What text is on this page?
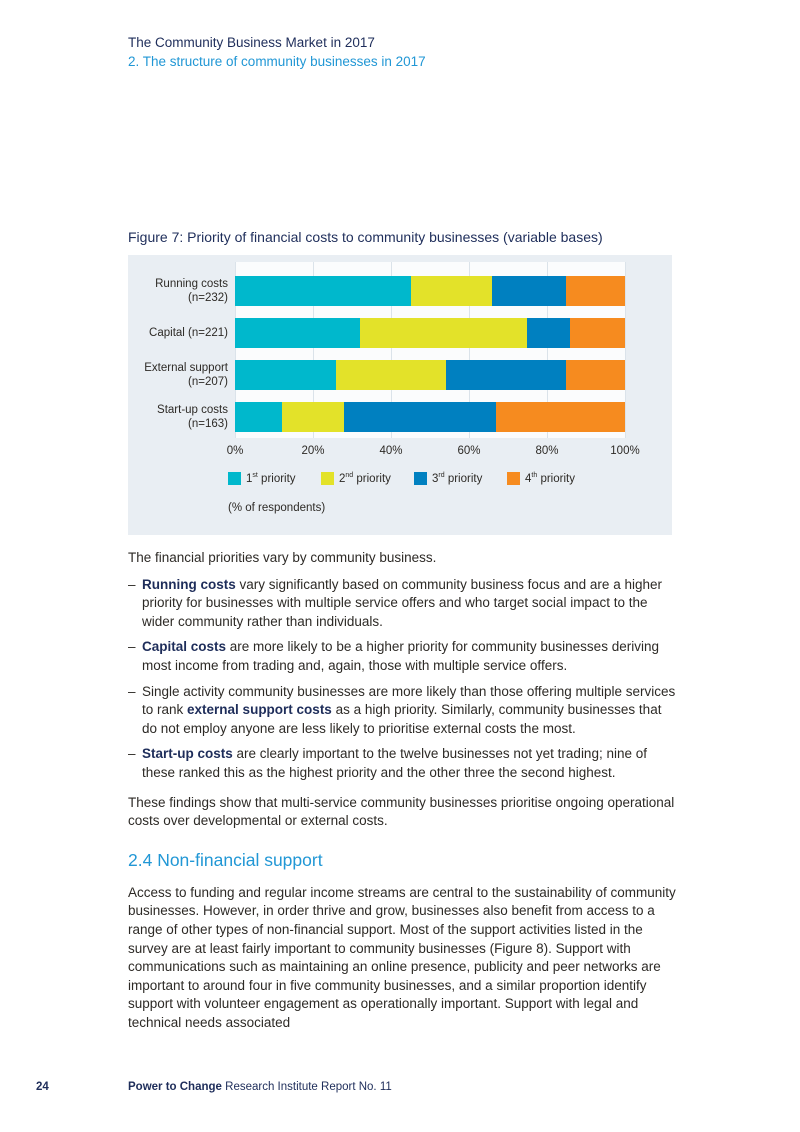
The Community Business Market in 2017
2. The structure of community businesses in 2017
Figure 7: Priority of financial costs to community businesses (variable bases)
Running costs
(n=232)
Capital (n=221)
External support
(n=207)
Start-up costs
(n=163)
0%	20%	40%	60%	80%	100%
1st priority	2nd priority	3rd priority	4th priority
(% of respondents)

The financial priorities vary by community business.

– Running costs vary significantly based on community business focus and are a higher priority for businesses with multiple service offers and who target social impact to the wider community rather than individuals.
– Capital costs are more likely to be a higher priority for community businesses deriving most income from trading and, again, those with multiple service offers.
– Single activity community businesses are more likely than those offering multiple services to rank external support costs as a high priority. Similarly, community businesses that do not employ anyone are less likely to prioritise external costs the most.
– Start-up costs are clearly important to the twelve businesses not yet trading; nine of these ranked this as the highest priority and the other three the second highest.

These findings show that multi-service community businesses prioritise ongoing operational costs over developmental or external costs.

2.4 Non-financial support

Access to funding and regular income streams are central to the sustainability of community businesses. However, in order thrive and grow, businesses also benefit from access to a range of other types of non-financial support. Most of the support activities listed in the survey are at least fairly important to community businesses (Figure 8). Support with communications such as maintaining an online presence, publicity and peer networks are important to around four in five community businesses, and a similar proportion identify support with volunteer engagement as operationally important. Support with legal and technical needs associated

24	Power to Change Research Institute Report No. 11
